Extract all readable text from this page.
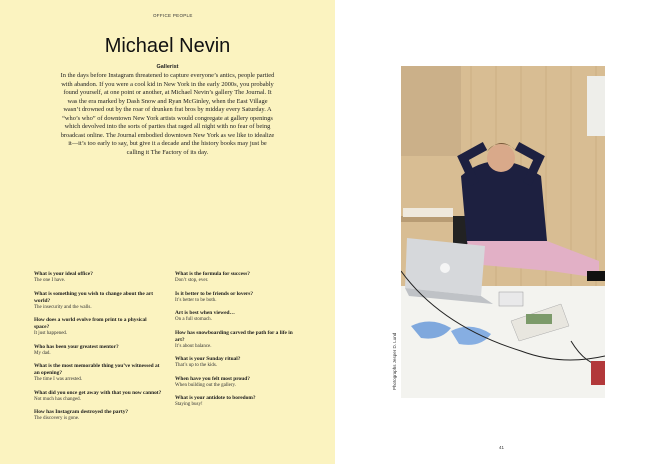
OFFICE PEOPLE
Michael Nevin
Gallerist
In the days before Instagram threatened to capture everyone’s antics, people partied with abandon. If you were a cool kid in New York in the early 2000s, you probably found yourself, at one point or another, at Michael Nevin’s gallery The Journal. It was the era marked by Dash Snow and Ryan McGinley, when the East Village wasn’t drowned out by the roar of drunken frat bros by midday every Saturday. A “who’s who” of downtown New York artists would congregate at gallery openings which devolved into the sorts of parties that raged all night with no fear of being broadcast online. The Journal embodied downtown New York as we like to idealize it—it’s too early to say, but give it a decade and the history books may just be calling it The Factory of its day.
What is your ideal office?
The one I have.
What is something you wish to change about the art world?
The insecurity and the walls.
How does a world evolve from print to a physical space?
It just happened.
Who has been your greatest mentor?
My dad.
What is the most memorable thing you’ve witnessed at an opening?
The time I was arrested.
What did you once get away with that you now cannot?
Not much has changed.
How has Instagram destroyed the party?
The discovery is gone.
What is the formula for success?
Don’t stop, ever.
Is it better to be friends or lovers?
It’s better to be both.
Art is best when viewed…
On a full stomach.
How has snowboarding carved the path for a life in art?
It’s about balance.
What is your Sunday ritual?
That’s up to the kids.
When have you felt most proud?
When building out the gallery.
What is your antidote to boredom?
Staying busy!
Photographs Jesper D. Lund
41
